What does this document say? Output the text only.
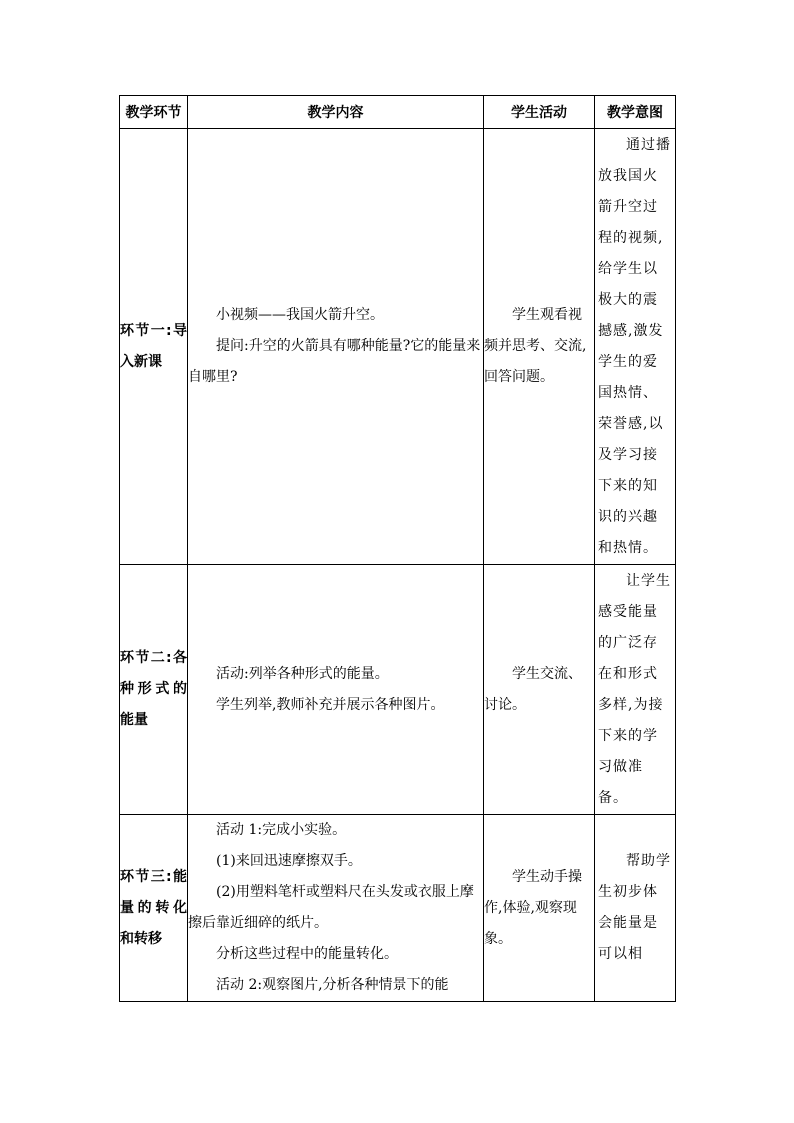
教学环节	教学内容	学生活动	教学意图
环节一:导入新课	小视频——我国火箭升空。

提问:升空的火箭具有哪种能量?它的能量来自哪里?	学生观看视频并思考、交流,回答问题。	通过播放我国火箭升空过程的视频,给学生以极大的震撼感,激发学生的爱国热情、荣誉感,以及学习接下来的知识的兴趣和热情。

环节二:各种形式的能量	活动:列举各种形式的能量。

学生列举,教师补充并展示各种图片。	学生交流、讨论。	让学生感受能量的广泛存在和形式多样,为接下来的学习做准备。

环节三:能量的转化和转移	活动 1:完成小实验。

(1)来回迅速摩擦双手。

(2)用塑料笔杆或塑料尺在头发或衣服上摩擦后靠近细碎的纸片。

分析这些过程中的能量转化。

活动 2:观察图片,分析各种情景下的能	学生动手操作,体验,观察现象。	帮助学生初步体会能量是可以相
